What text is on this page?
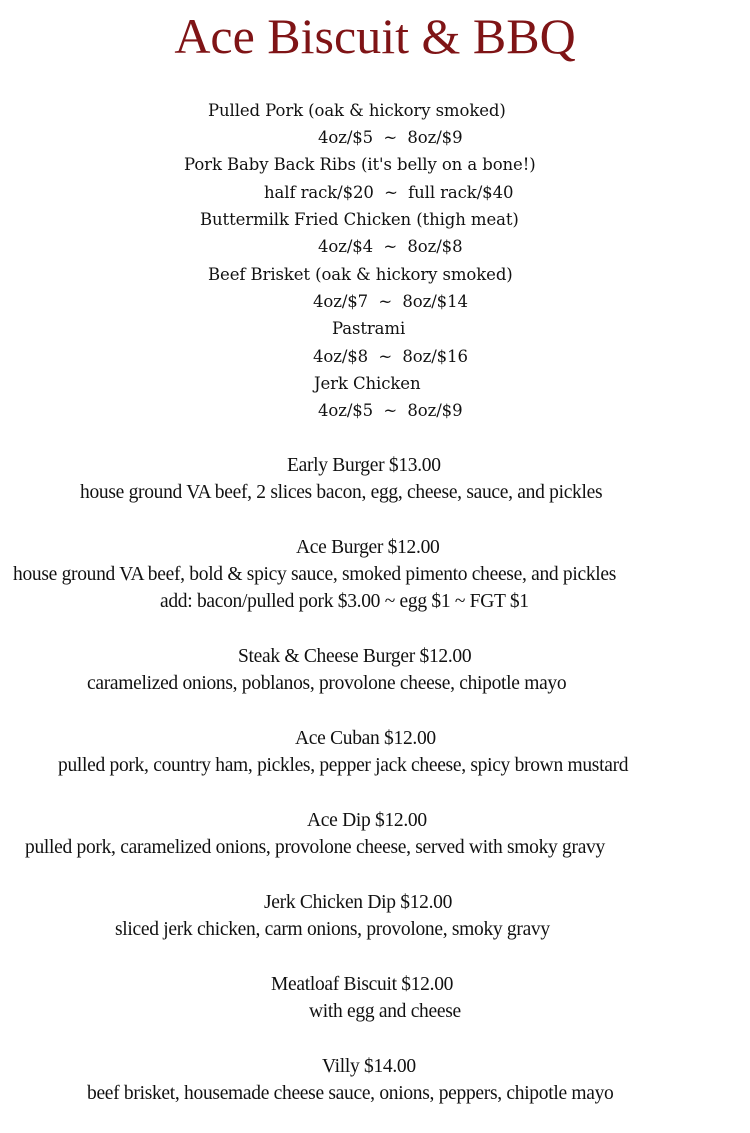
Ace Biscuit & BBQ
Pulled Pork (oak & hickory smoked)
4oz/$5  ~  8oz/$9
Pork Baby Back Ribs (it's belly on a bone!)
half rack/$20  ~  full rack/$40
Buttermilk Fried Chicken (thigh meat)
4oz/$4  ~  8oz/$8
Beef Brisket (oak & hickory smoked)
4oz/$7  ~  8oz/$14
Pastrami
4oz/$8  ~  8oz/$16
Jerk Chicken
4oz/$5  ~  8oz/$9
Early Burger $13.00
house ground VA beef, 2 slices bacon, egg, cheese, sauce, and pickles
Ace Burger $12.00
house ground VA beef, bold & spicy sauce, smoked pimento cheese, and pickles
add: bacon/pulled pork $3.00 ~ egg $1 ~ FGT $1
Steak & Cheese Burger $12.00
caramelized onions, poblanos, provolone cheese, chipotle mayo
Ace Cuban $12.00
pulled pork, country ham, pickles, pepper jack cheese, spicy brown mustard
Ace Dip $12.00
pulled pork, caramelized onions, provolone cheese, served with smoky gravy
Jerk Chicken Dip $12.00
sliced jerk chicken, carm onions, provolone, smoky gravy
Meatloaf Biscuit $12.00
with egg and cheese
Villy $14.00
beef brisket, housemade cheese sauce, onions, peppers, chipotle mayo
